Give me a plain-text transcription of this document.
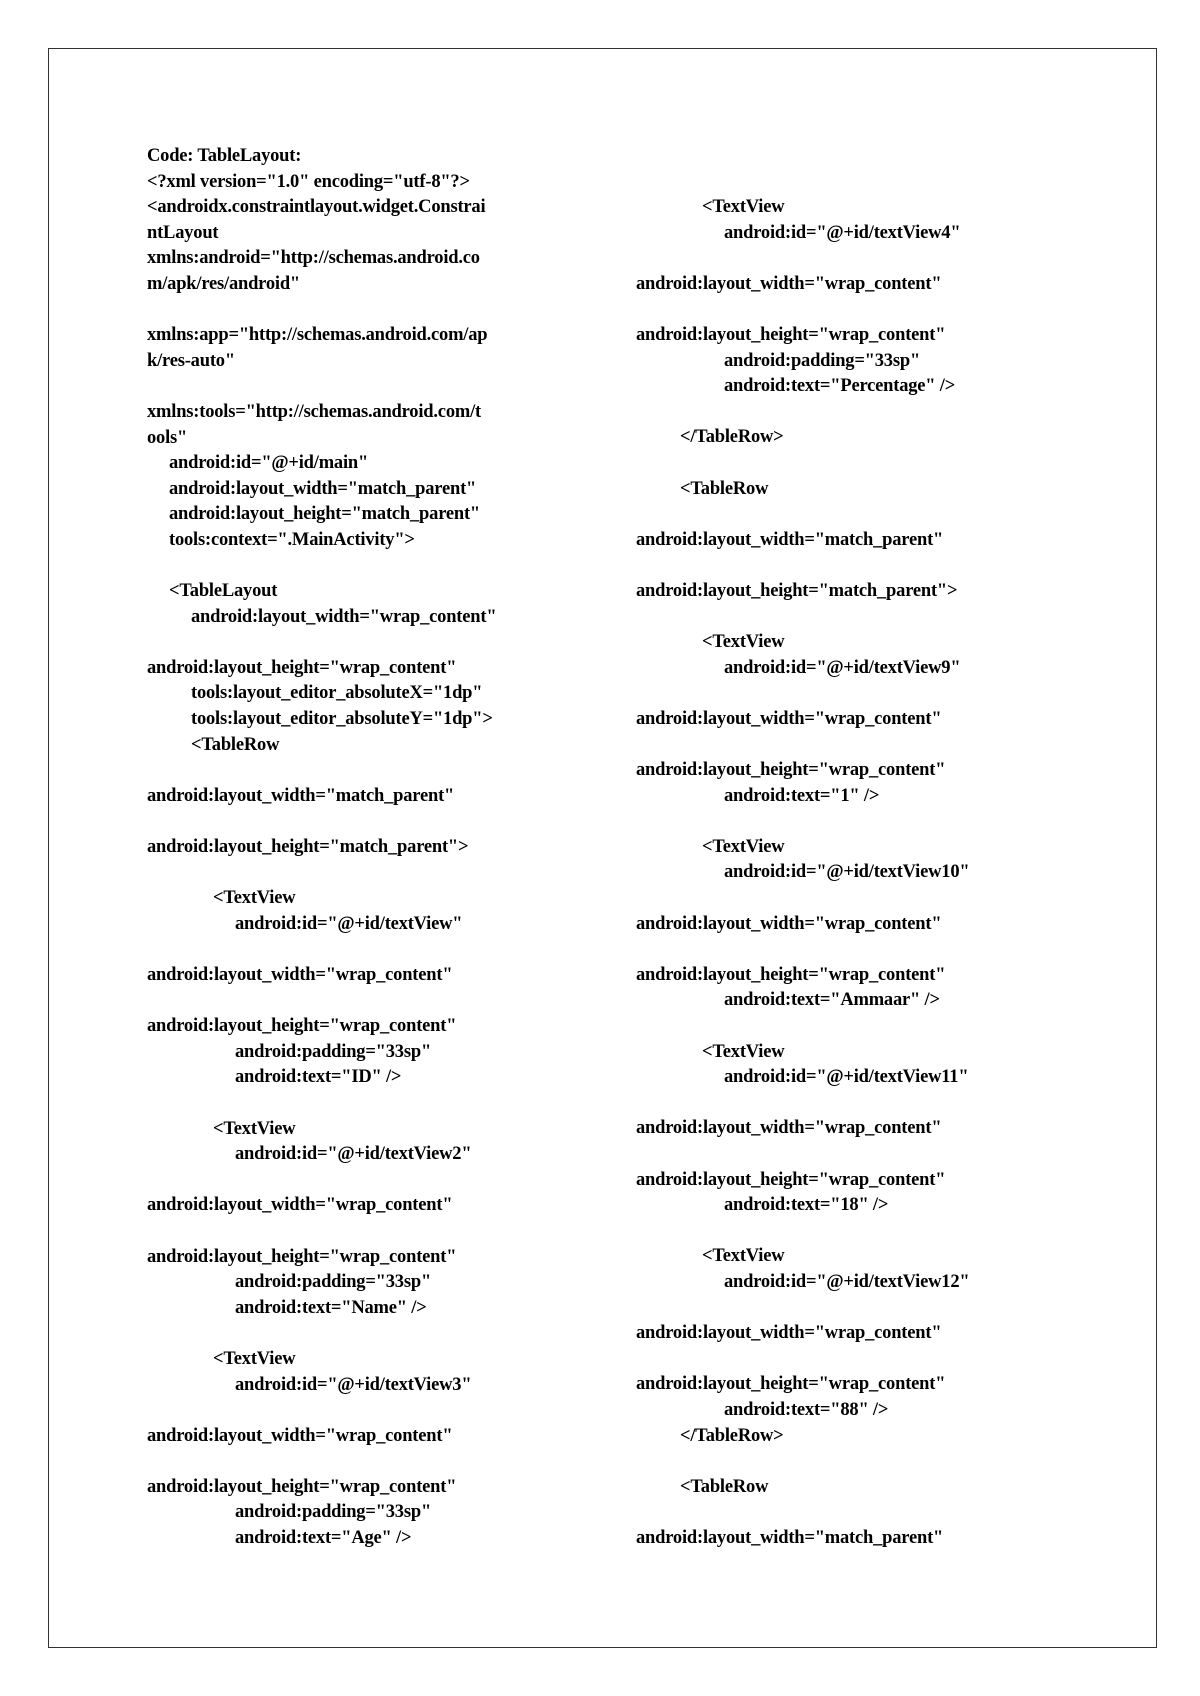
Code: TableLayout:
<?xml version="1.0" encoding="utf-8"?>
<androidx.constraintlayout.widget.Constrai
ntLayout
xmlns:android="http://schemas.android.co
m/apk/res/android"
xmlns:app="http://schemas.android.com/ap
k/res-auto"
xmlns:tools="http://schemas.android.com/t
ools"
android:id="@+id/main"
android:layout_width="match_parent"
android:layout_height="match_parent"
tools:context=".MainActivity">
<TableLayout
android:layout_width="wrap_content"
android:layout_height="wrap_content"
tools:layout_editor_absoluteX="1dp"
tools:layout_editor_absoluteY="1dp">
<TableRow
android:layout_width="match_parent"
android:layout_height="match_parent">
<TextView
android:id="@+id/textView"
android:layout_width="wrap_content"
android:layout_height="wrap_content"
android:padding="33sp"
android:text="ID" />
<TextView
android:id="@+id/textView2"
android:layout_width="wrap_content"
android:layout_height="wrap_content"
android:padding="33sp"
android:text="Name" />
<TextView
android:id="@+id/textView3"
android:layout_width="wrap_content"
android:layout_height="wrap_content"
android:padding="33sp"
android:text="Age" />
<TextView
android:id="@+id/textView4"
android:layout_width="wrap_content"
android:layout_height="wrap_content"
android:padding="33sp"
android:text="Percentage" />
</TableRow>
<TableRow
android:layout_width="match_parent"
android:layout_height="match_parent">
<TextView
android:id="@+id/textView9"
android:layout_width="wrap_content"
android:layout_height="wrap_content"
android:text="1" />
<TextView
android:id="@+id/textView10"
android:layout_width="wrap_content"
android:layout_height="wrap_content"
android:text="Ammaar" />
<TextView
android:id="@+id/textView11"
android:layout_width="wrap_content"
android:layout_height="wrap_content"
android:text="18" />
<TextView
android:id="@+id/textView12"
android:layout_width="wrap_content"
android:layout_height="wrap_content"
android:text="88" />
</TableRow>
<TableRow
android:layout_width="match_parent"
